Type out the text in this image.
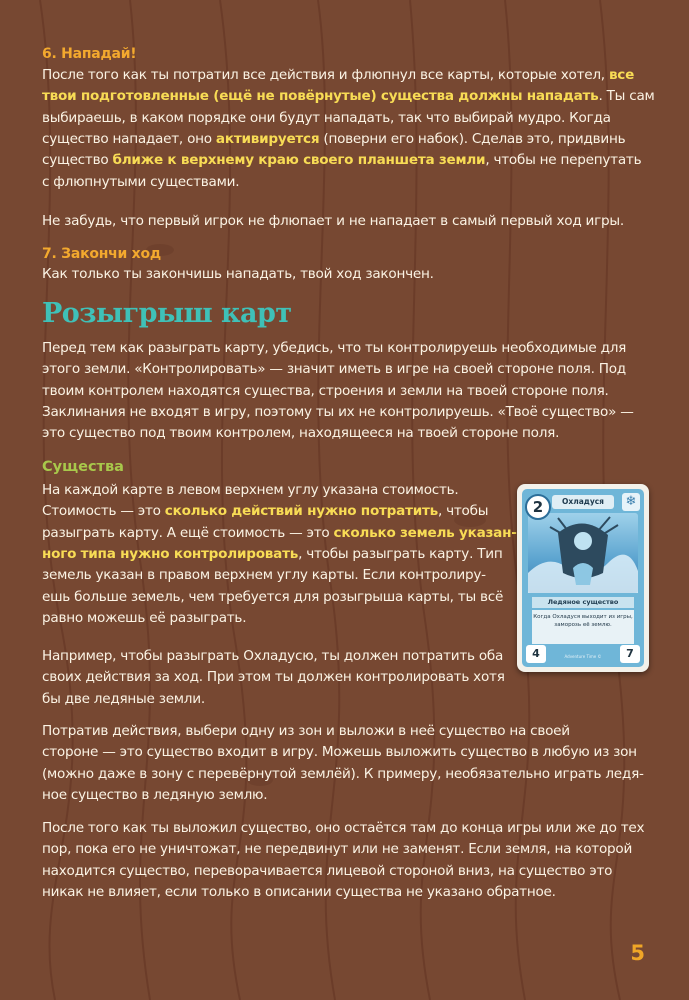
6. Нападай!
После того как ты потратил все действия и флюпнул все карты, которые хотел, все
твои подготовленные (ещё не повёрнутые) существа должны нападать. Ты сам
выбираешь, в каком порядке они будут нападать, так что выбирай мудро. Когда
существо нападает, оно активируется (поверни его набок). Сделав это, придвинь
существо ближе к верхнему краю своего планшета земли, чтобы не перепутать
с флюпнутыми существами.
Не забудь, что первый игрок не флюпает и не нападает в самый первый ход игры.
7. Закончи ход
Как только ты закончишь нападать, твой ход закончен.
Розыгрыш карт
Перед тем как разыграть карту, убедись, что ты контролируешь необходимые для
этого земли. «Контролировать» — значит иметь в игре на своей стороне поля. Под
твоим контролем находятся существа, строения и земли на твоей стороне поля.
Заклинания не входят в игру, поэтому ты их не контролируешь. «Твоё существо» —
это существо под твоим контролем, находящееся на твоей стороне поля.
Существа
На каждой карте в левом верхнем углу указана стоимость.
Стоимость — это сколько действий нужно потратить, чтобы
разыграть карту. А ещё стоимость — это сколько земель указан-
ного типа нужно контролировать, чтобы разыграть карту. Тип
земель указан в правом верхнем углу карты. Если контролиру-
ешь больше земель, чем требуется для розыгрыша карты, ты всё
равно можешь её разыграть.
Например, чтобы разыграть Охладусю, ты должен потратить оба
своих действия за ход. При этом ты должен контролировать хотя
бы две ледяные земли.
Потратив действия, выбери одну из зон и выложи в неё существо на своей
стороне — это существо входит в игру. Можешь выложить существо в любую из зон
(можно даже в зону с перевёрнутой землёй). К примеру, необязательно играть ледя-
ное существо в ледяную землю.
После того как ты выложил существо, оно остаётся там до конца игры или же до тех
пор, пока его не уничтожат, не передвинут или не заменят. Если земля, на которой
находится существо, переворачивается лицевой стороной вниз, на существо это
никак не влияет, если только в описании существа не указано обратное.
2	Охладуся	❄
Ледяное существо
Когда Охладуся выходит из игры, заморозь её землю.
4	Adventure Time ©	7
5
